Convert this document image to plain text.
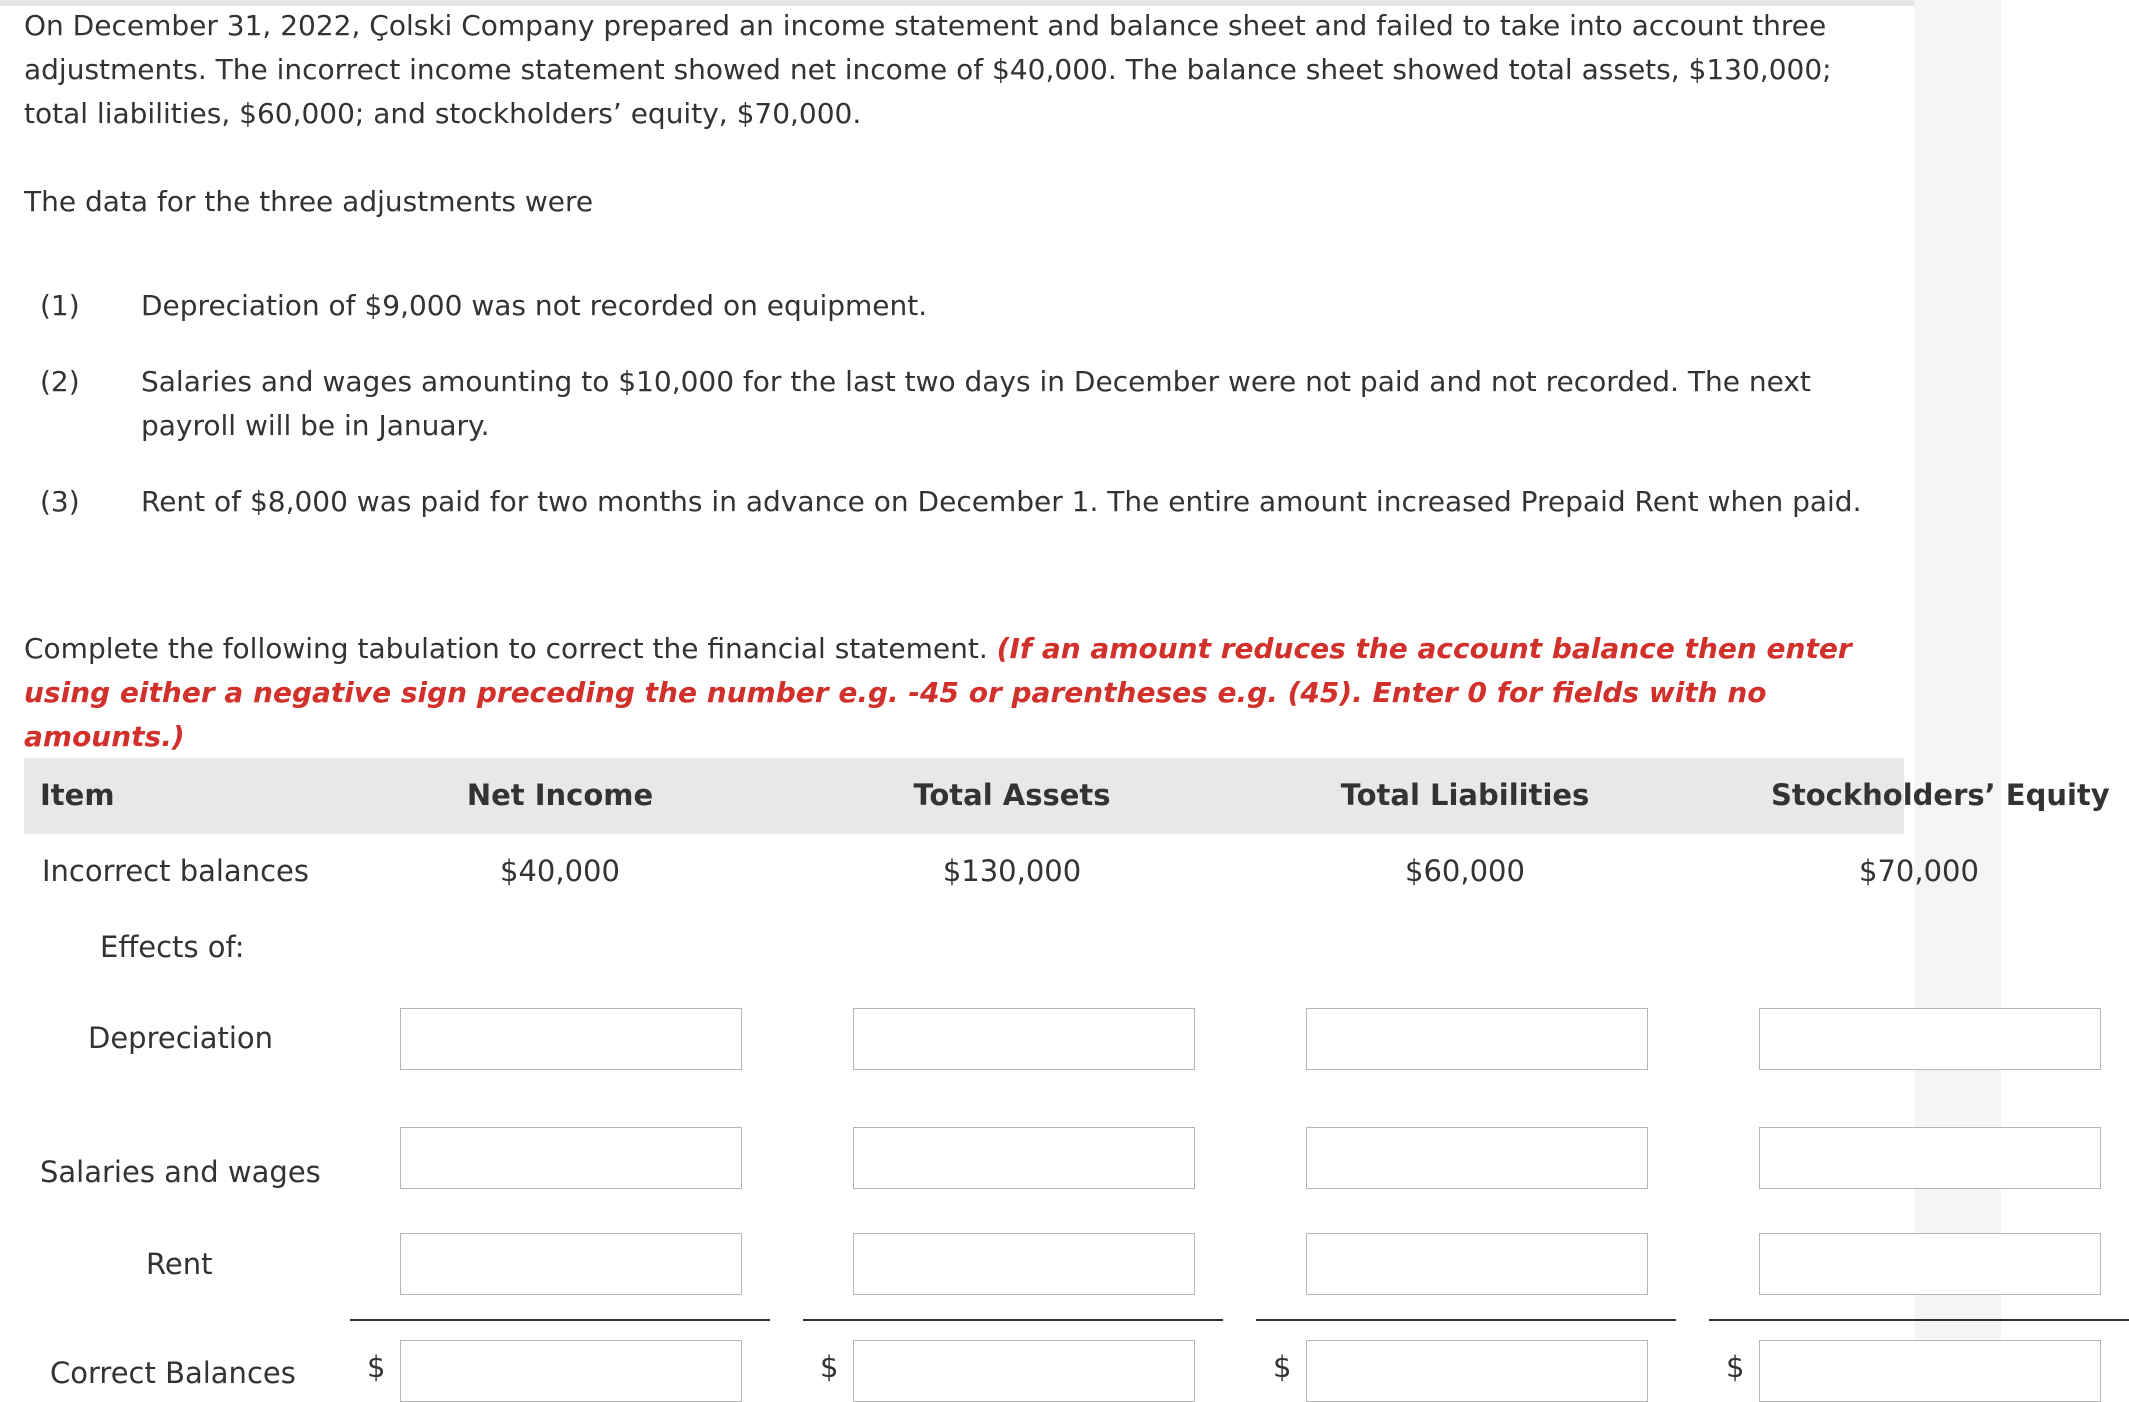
On December 31, 2022, Çolski Company prepared an income statement and balance sheet and failed to take into account three adjustments. The incorrect income statement showed net income of $40,000. The balance sheet showed total assets, $130,000; total liabilities, $60,000; and stockholders’ equity, $70,000.

The data for the three adjustments were

(1) Depreciation of $9,000 was not recorded on equipment.
(2) Salaries and wages amounting to $10,000 for the last two days in December were not paid and not recorded. The next payroll will be in January.
(3) Rent of $8,000 was paid for two months in advance on December 1. The entire amount increased Prepaid Rent when paid.

Complete the following tabulation to correct the financial statement. (If an amount reduces the account balance then enter using either a negative sign preceding the number e.g. -45 or parentheses e.g. (45). Enter 0 for fields with no amounts.)

Item	Net Income	Total Assets	Total Liabilities	Stockholders’ Equity
Incorrect balances	$40,000	$130,000	$60,000	$70,000
Effects of:
Depreciation
Salaries and wages
Rent
Correct Balances $	$	$	$
